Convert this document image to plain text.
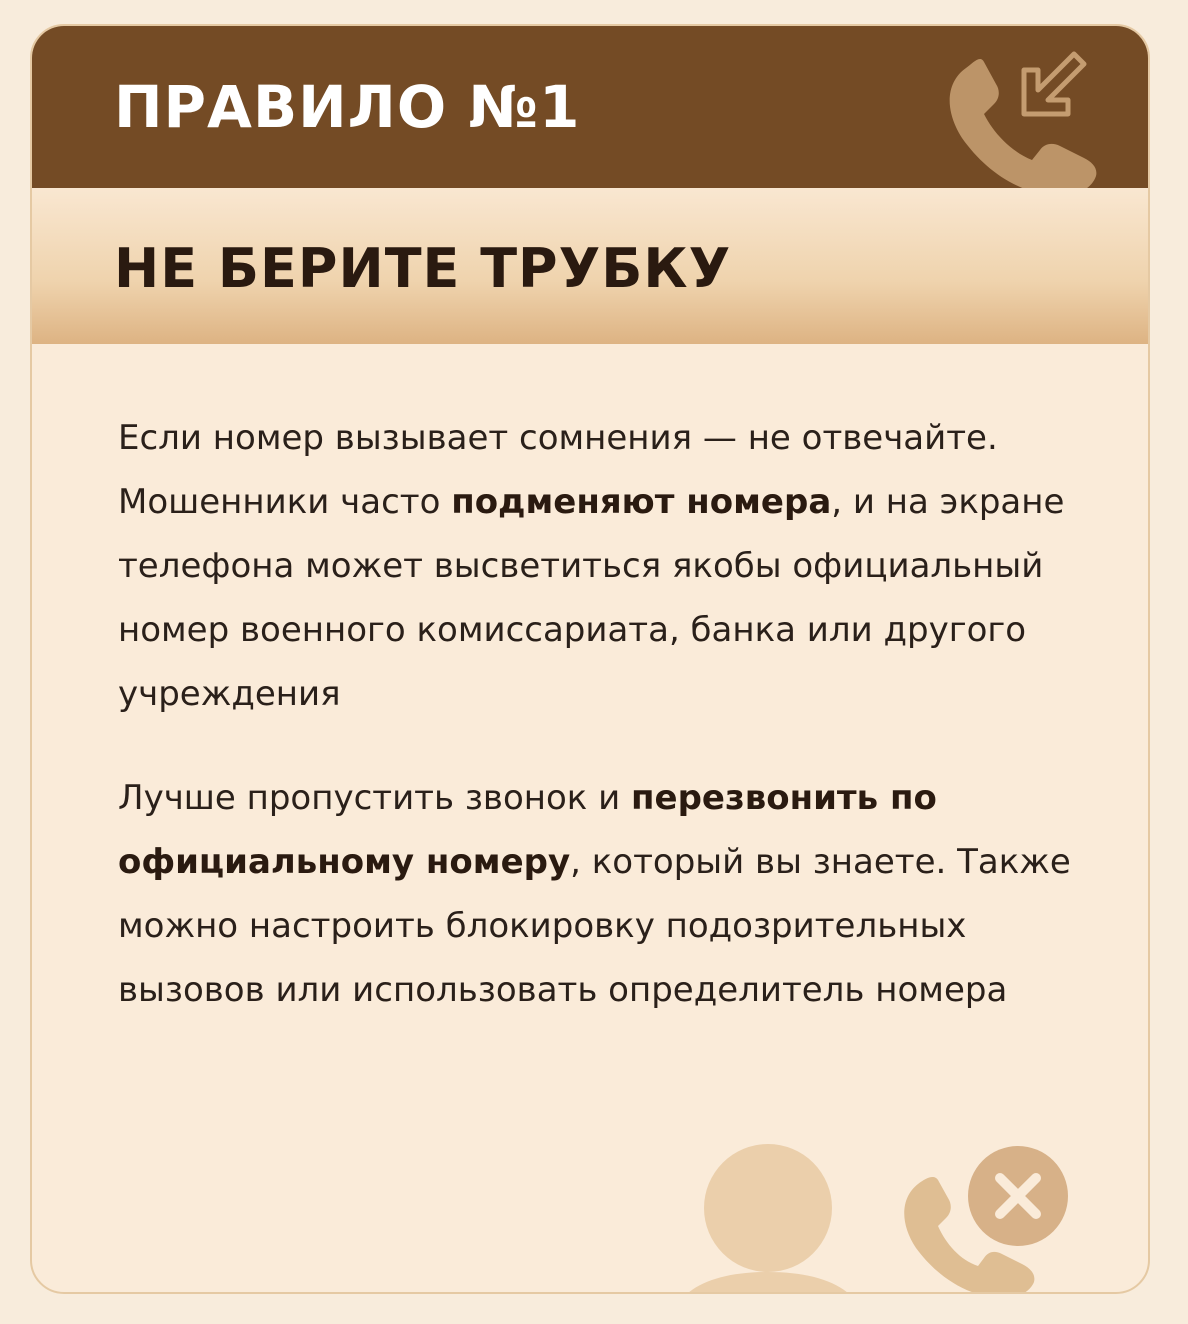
ПРАВИЛО №1
НЕ БЕРИТЕ ТРУБКУ

Если номер вызывает сомнения — не отвечайте. Мошенники часто подменяют номера, и на экране телефона может высветиться якобы официальный номер военного комиссариата, банка или другого учреждения

Лучше пропустить звонок и перезвонить по официальному номеру, который вы знаете. Также можно настроить блокировку подозрительных вызовов или использовать определитель номера
